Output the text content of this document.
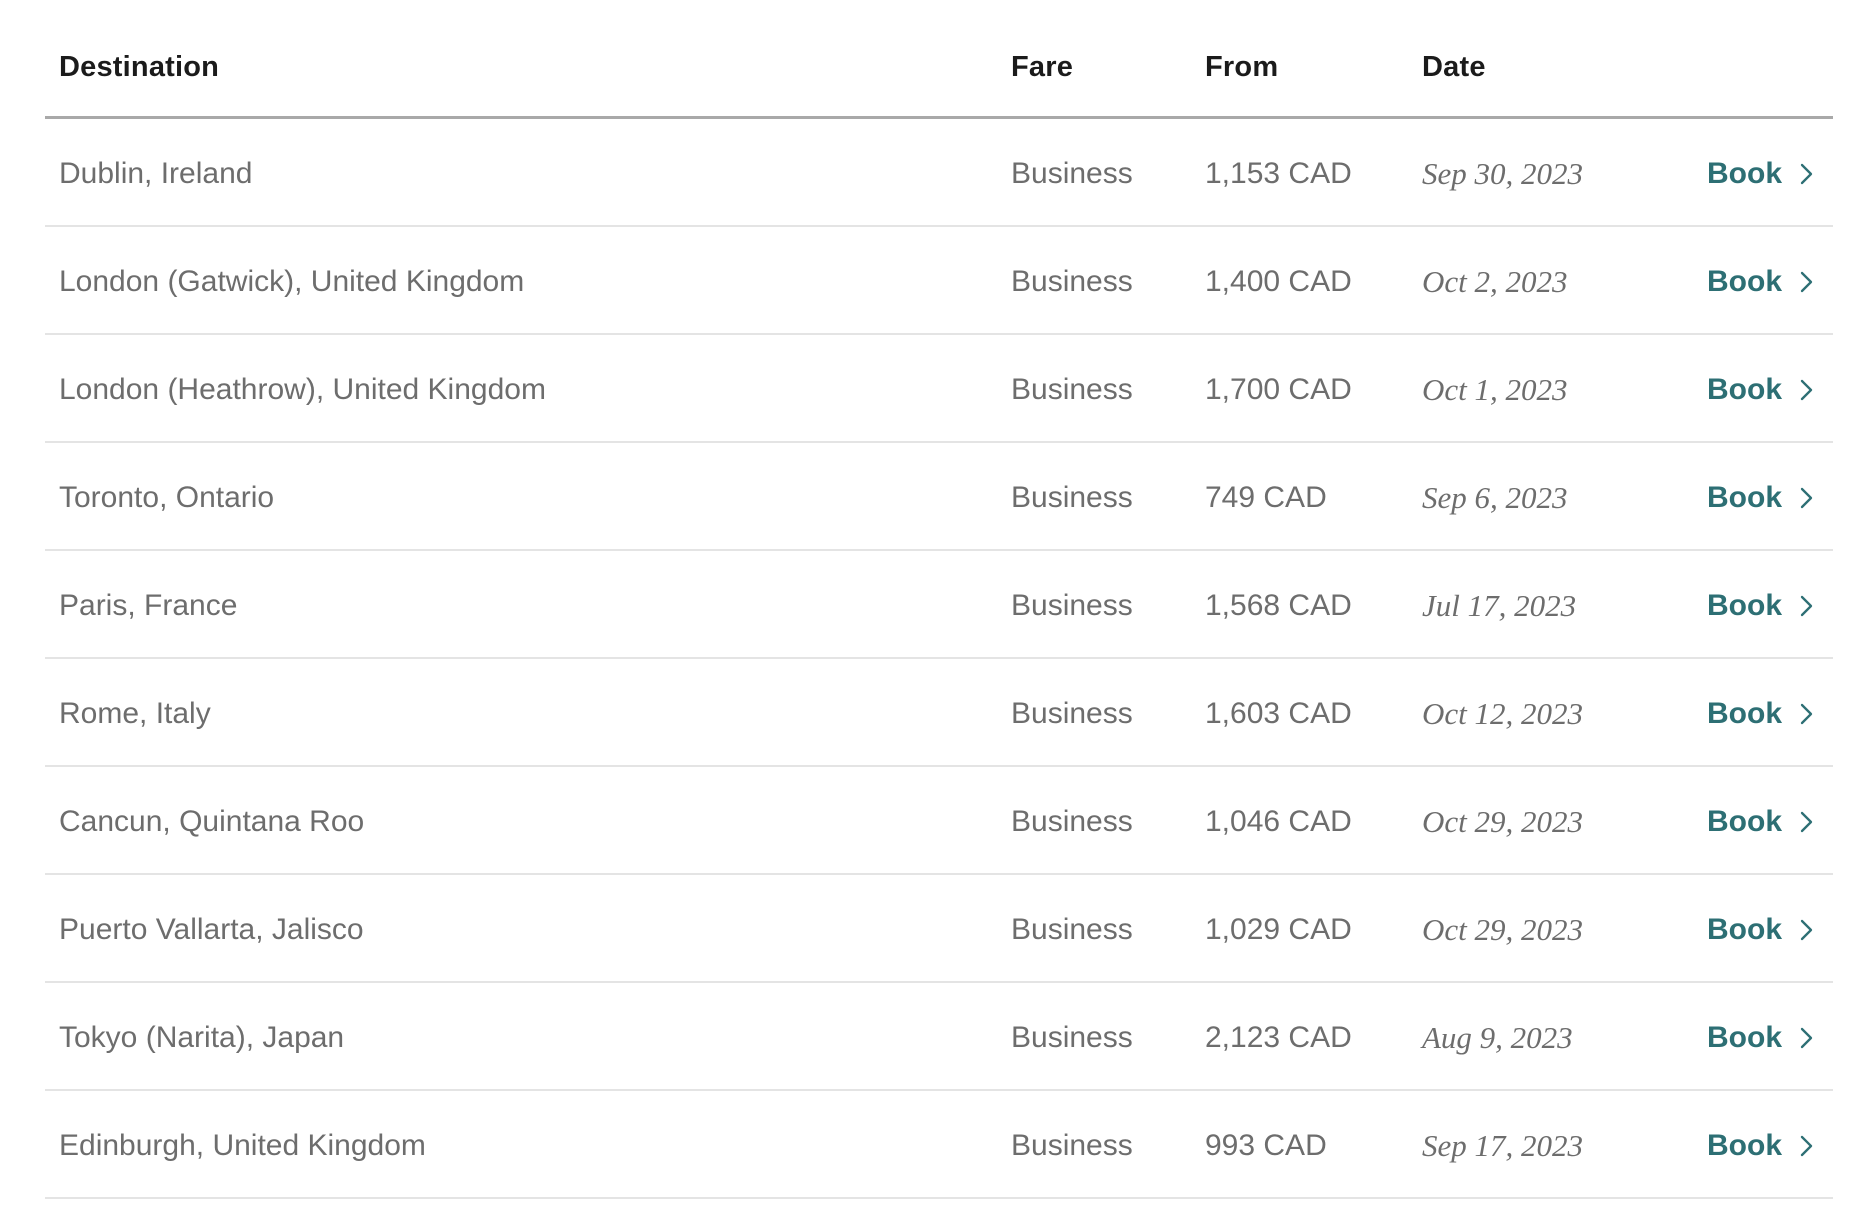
Destination	Fare	From	Date
Dublin, Ireland	Business	1,153 CAD	Sep 30, 2023	Book
London (Gatwick), United Kingdom	Business	1,400 CAD	Oct 2, 2023	Book
London (Heathrow), United Kingdom	Business	1,700 CAD	Oct 1, 2023	Book
Toronto, Ontario	Business	749 CAD	Sep 6, 2023	Book
Paris, France	Business	1,568 CAD	Jul 17, 2023	Book
Rome, Italy	Business	1,603 CAD	Oct 12, 2023	Book
Cancun, Quintana Roo	Business	1,046 CAD	Oct 29, 2023	Book
Puerto Vallarta, Jalisco	Business	1,029 CAD	Oct 29, 2023	Book
Tokyo (Narita), Japan	Business	2,123 CAD	Aug 9, 2023	Book
Edinburgh, United Kingdom	Business	993 CAD	Sep 17, 2023	Book
